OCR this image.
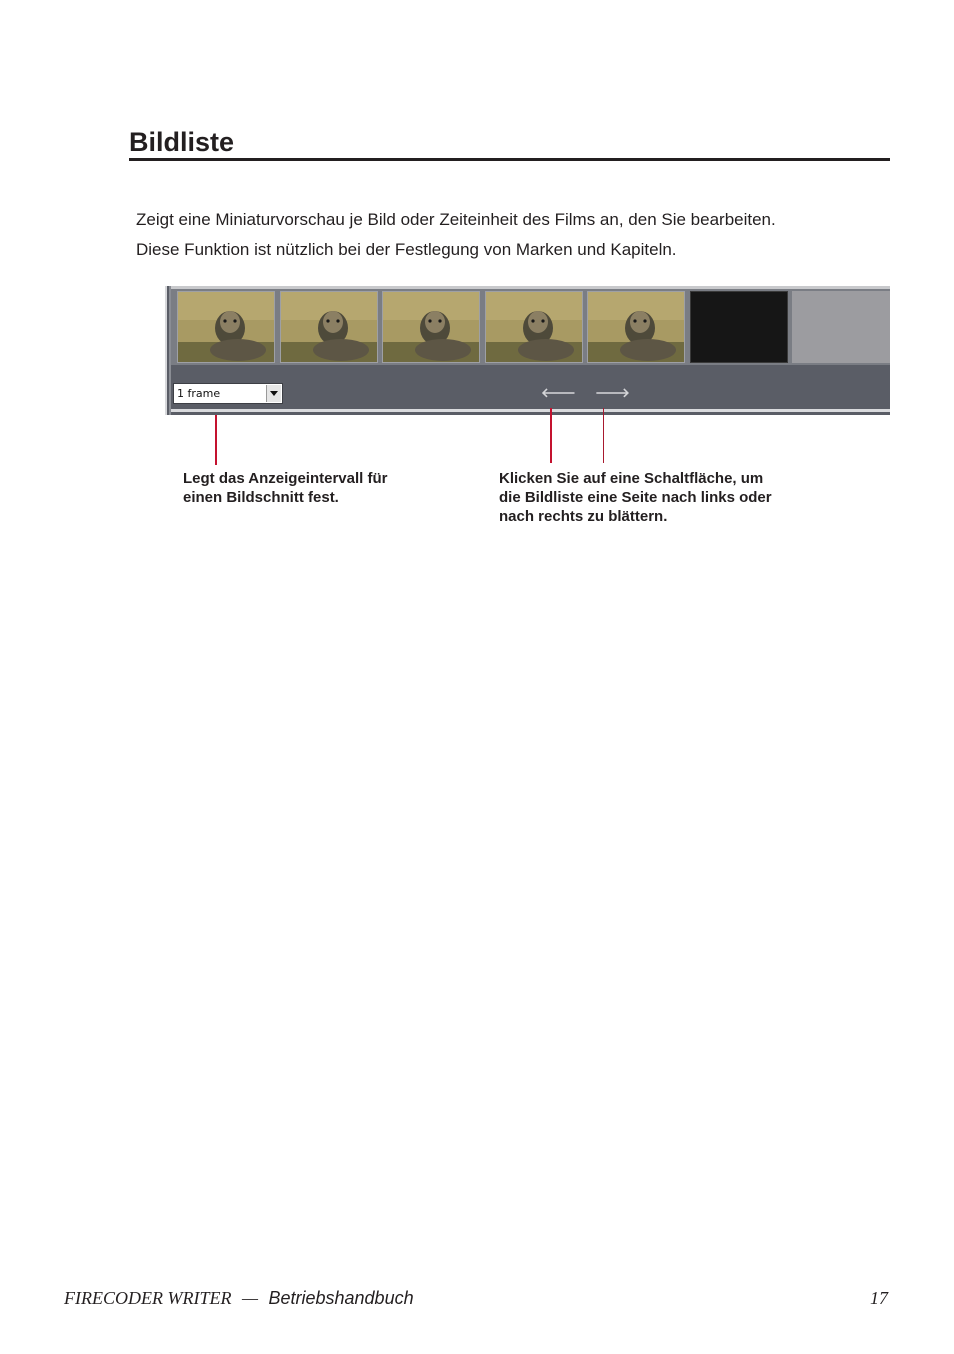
Bildliste
Zeigt eine Miniaturvorschau je Bild oder Zeiteinheit des Films an, den Sie bearbeiten.
Diese Funktion ist nützlich bei der Festlegung von Marken und Kapiteln.
1 frame	🡐 🡒
Legt das Anzeigeintervall für
einen Bildschnitt fest.
Klicken Sie auf eine Schaltfläche, um
die Bildliste eine Seite nach links oder
nach rechts zu blättern.
FIRECODER WRITER — Betriebshandbuch	17
